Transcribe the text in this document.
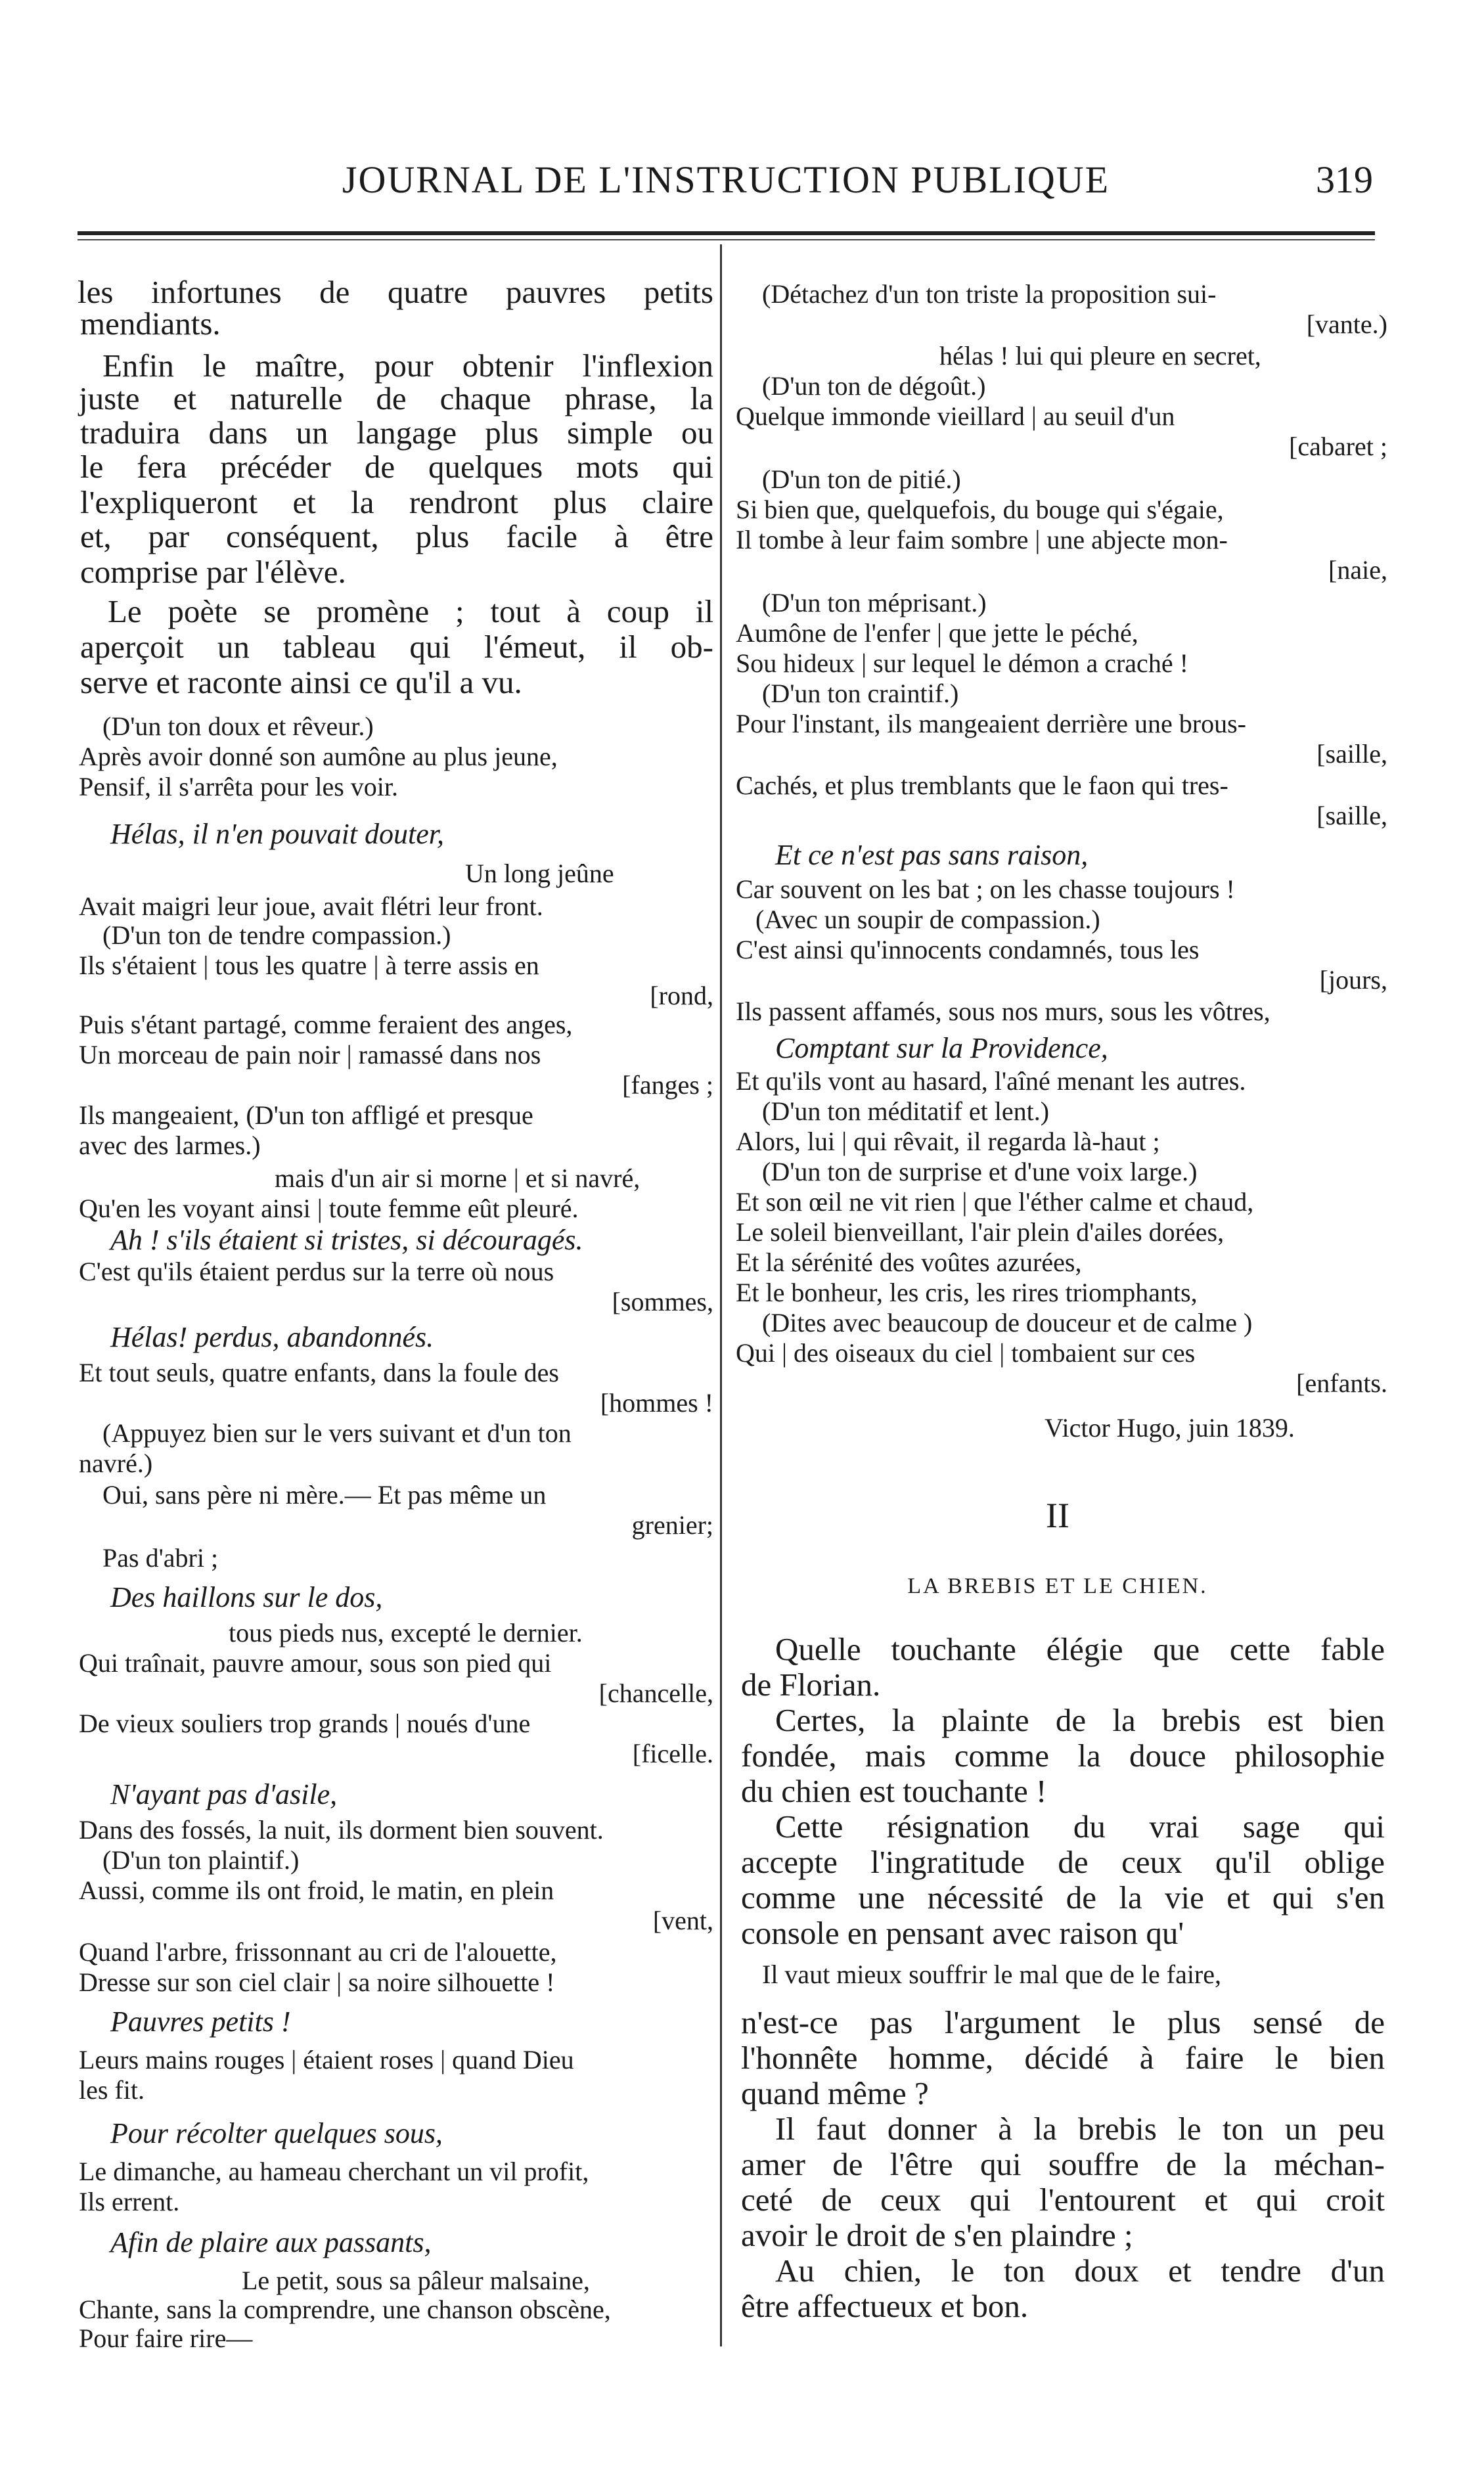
JOURNAL DE L'INSTRUCTION PUBLIQUE	319
les infortunes de quatre pauvres petits
mendiants.
Enfin le maître, pour obtenir l'inflexion
juste et naturelle de chaque phrase, la
traduira dans un langage plus simple ou
le fera précéder de quelques mots qui
l'expliqueront et la rendront plus claire
et, par conséquent, plus facile à être
comprise par l'élève.
Le poète se promène ; tout à coup il
aperçoit un tableau qui l'émeut, il ob-
serve et raconte ainsi ce qu'il a vu.
(D'un ton doux et rêveur.)
Après avoir donné son aumône au plus jeune,
Pensif, il s'arrêta pour les voir.
Hélas, il n'en pouvait douter,
Un long jeûne
Avait maigri leur joue, avait flétri leur front.
(D'un ton de tendre compassion.)
Ils s'étaient | tous les quatre | à terre assis en
[rond,
Puis s'étant partagé, comme feraient des anges,
Un morceau de pain noir | ramassé dans nos
[fanges ;
Ils mangeaient, (D'un ton affligé et presque
avec des larmes.)
mais d'un air si morne | et si navré,
Qu'en les voyant ainsi | toute femme eût pleuré.
Ah ! s'ils étaient si tristes, si découragés.
C'est qu'ils étaient perdus sur la terre où nous
[sommes,
Hélas! perdus, abandonnés.
Et tout seuls, quatre enfants, dans la foule des
[hommes !
(Appuyez bien sur le vers suivant et d'un ton
navré.)
Oui, sans père ni mère.— Et pas même un
grenier;
Pas d'abri ;
Des haillons sur le dos,
tous pieds nus, excepté le dernier.
Qui traînait, pauvre amour, sous son pied qui
[chancelle,
De vieux souliers trop grands | noués d'une
[ficelle.
N'ayant pas d'asile,
Dans des fossés, la nuit, ils dorment bien souvent.
(D'un ton plaintif.)
Aussi, comme ils ont froid, le matin, en plein
[vent,
Quand l'arbre, frissonnant au cri de l'alouette,
Dresse sur son ciel clair | sa noire silhouette !
Pauvres petits !
Leurs mains rouges | étaient roses | quand Dieu
les fit.
Pour récolter quelques sous,
Le dimanche, au hameau cherchant un vil profit,
Ils errent.
Afin de plaire aux passants,
Le petit, sous sa pâleur malsaine,
Chante, sans la comprendre, une chanson obscène,
Pour faire rire—
(Détachez d'un ton triste la proposition sui-
[vante.)
hélas ! lui qui pleure en secret,
(D'un ton de dégoût.)
Quelque immonde vieillard | au seuil d'un
[cabaret ;
(D'un ton de pitié.)
Si bien que, quelquefois, du bouge qui s'égaie,
Il tombe à leur faim sombre | une abjecte mon-
[naie,
(D'un ton méprisant.)
Aumône de l'enfer | que jette le péché,
Sou hideux | sur lequel le démon a craché !
(D'un ton craintif.)
Pour l'instant, ils mangeaient derrière une brous-
[saille,
Cachés, et plus tremblants que le faon qui tres-
[saille,
Et ce n'est pas sans raison,
Car souvent on les bat ; on les chasse toujours !
(Avec un soupir de compassion.)
C'est ainsi qu'innocents condamnés, tous les
[jours,
Ils passent affamés, sous nos murs, sous les vôtres,
Comptant sur la Providence,
Et qu'ils vont au hasard, l'aîné menant les autres.
(D'un ton méditatif et lent.)
Alors, lui | qui rêvait, il regarda là-haut ;
(D'un ton de surprise et d'une voix large.)
Et son œil ne vit rien | que l'éther calme et chaud,
Le soleil bienveillant, l'air plein d'ailes dorées,
Et la sérénité des voûtes azurées,
Et le bonheur, les cris, les rires triomphants,
(Dites avec beaucoup de douceur et de calme )
Qui | des oiseaux du ciel | tombaient sur ces
[enfants.
Victor Hugo, juin 1839.
II
LA BREBIS ET LE CHIEN.
Quelle touchante élégie que cette fable
de Florian.
Certes, la plainte de la brebis est bien
fondée, mais comme la douce philosophie
du chien est touchante !
Cette résignation du vrai sage qui
accepte l'ingratitude de ceux qu'il oblige
comme une nécessité de la vie et qui s'en
console en pensant avec raison qu'
Il vaut mieux souffrir le mal que de le faire,
n'est-ce pas l'argument le plus sensé de
l'honnête homme, décidé à faire le bien
quand même ?
Il faut donner à la brebis le ton un peu
amer de l'être qui souffre de la méchan-
ceté de ceux qui l'entourent et qui croit
avoir le droit de s'en plaindre ;
Au chien, le ton doux et tendre d'un
être affectueux et bon.
